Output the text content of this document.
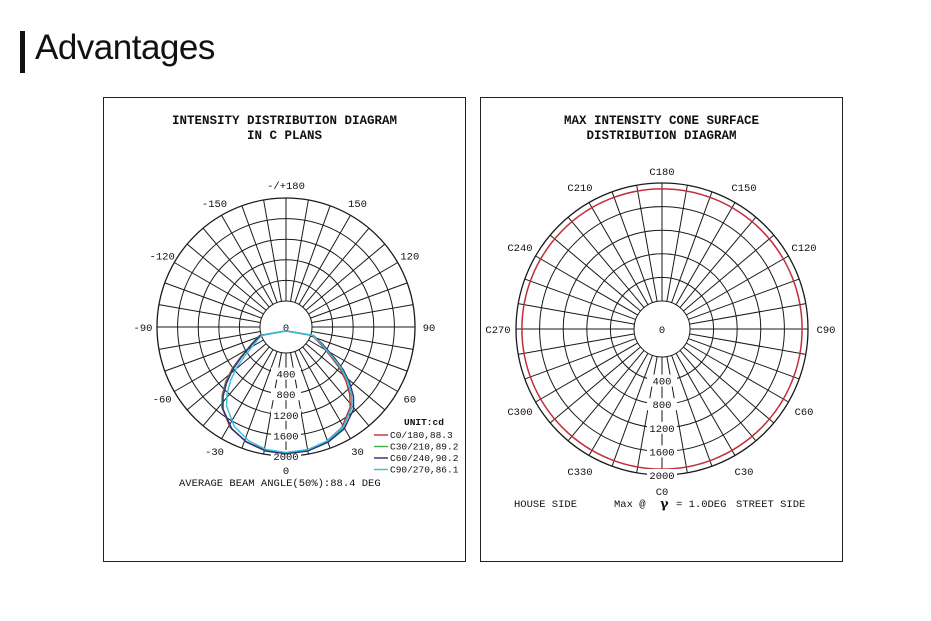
Advantages
INTENSITY DISTRIBUTION DIAGRAM
IN C PLANS
-/+180
150
-150
120
-120
90
-90
60
-60
30
-30
0
0
400
800
1200
1600
2000
UNIT:cd
C0/180,88.3
C30/210,89.2
C60/240,90.2
C90/270,86.1
AVERAGE BEAM ANGLE(50%):88.4 DEG
MAX INTENSITY CONE SURFACE
DISTRIBUTION DIAGRAM
C180
C150
C210
C120
C240
C90
C270
C60
C300
C30
C330
C0
0
400
800
1200
1600
2000
HOUSE SIDE	Max @ γ = 1.0DEG STREET SIDE
